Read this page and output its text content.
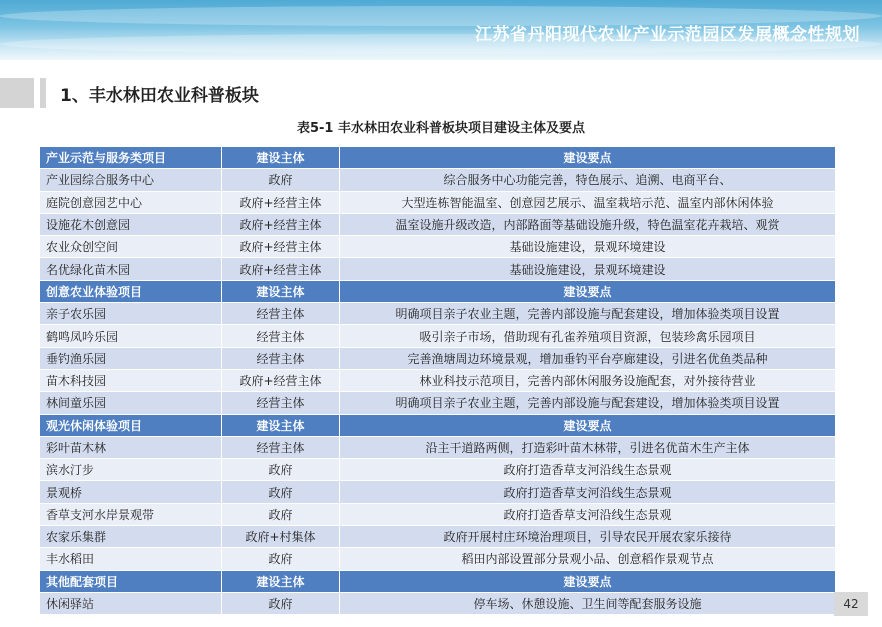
江苏省丹阳现代农业产业示范园区发展概念性规划
1、丰水林田农业科普板块
表5-1 丰水林田农业科普板块项目建设主体及要点
产业示范与服务类项目	建设主体	建设要点
产业园综合服务中心	政府	综合服务中心功能完善，特色展示、追溯、电商平台、
庭院创意园艺中心	政府+经营主体	大型连栋智能温室、创意园艺展示、温室栽培示范、温室内部休闲体验
设施花木创意园	政府+经营主体	温室设施升级改造，内部路面等基础设施升级，特色温室花卉栽培、观赏
农业众创空间	政府+经营主体	基础设施建设，景观环境建设
名优绿化苗木园	政府+经营主体	基础设施建设，景观环境建设
创意农业体验项目	建设主体	建设要点
亲子农乐园	经营主体	明确项目亲子农业主题，完善内部设施与配套建设，增加体验类项目设置
鹤鸣凤吟乐园	经营主体	吸引亲子市场，借助现有孔雀养殖项目资源，包装珍禽乐园项目
垂钓渔乐园	经营主体	完善渔塘周边环境景观，增加垂钓平台亭廊建设，引进名优鱼类品种
苗木科技园	政府+经营主体	林业科技示范项目，完善内部休闲服务设施配套，对外接待营业
林间童乐园	经营主体	明确项目亲子农业主题，完善内部设施与配套建设，增加体验类项目设置
观光休闲体验项目	建设主体	建设要点
彩叶苗木林	经营主体	沿主干道路两侧，打造彩叶苗木林带，引进名优苗木生产主体
滨水汀步	政府	政府打造香草支河沿线生态景观
景观桥	政府	政府打造香草支河沿线生态景观
香草支河水岸景观带	政府	政府打造香草支河沿线生态景观
农家乐集群	政府+村集体	政府开展村庄环境治理项目，引导农民开展农家乐接待
丰水稻田	政府	稻田内部设置部分景观小品、创意稻作景观节点
其他配套项目	建设主体	建设要点
休闲驿站	政府	停车场、休憩设施、卫生间等配套服务设施	42
